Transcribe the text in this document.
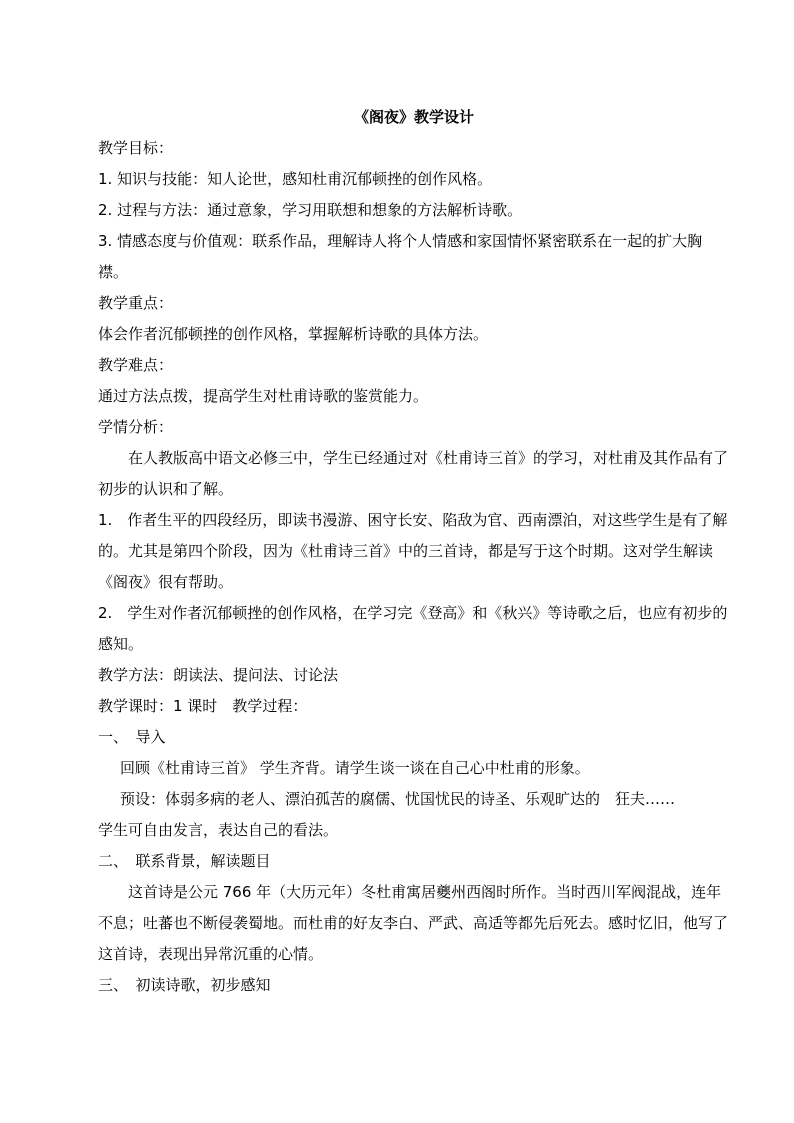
《阁夜》教学设计

教学目标：

1. 知识与技能：知人论世，感知杜甫沉郁顿挫的创作风格。

2. 过程与方法：通过意象，学习用联想和想象的方法解析诗歌。

3. 情感态度与价值观：联系作品，理解诗人将个人情感和家国情怀紧密联系在一起的扩大胸襟。

教学重点：

体会作者沉郁顿挫的创作风格，掌握解析诗歌的具体方法。

教学难点：

通过方法点拨，提高学生对杜甫诗歌的鉴赏能力。

学情分析：

在人教版高中语文必修三中，学生已经通过对《杜甫诗三首》的学习，对杜甫及其作品有了初步的认识和了解。

1.　作者生平的四段经历，即读书漫游、困守长安、陷敌为官、西南漂泊，对这些学生是有了解的。尤其是第四个阶段，因为《杜甫诗三首》中的三首诗，都是写于这个时期。这对学生解读《阁夜》很有帮助。

2.　学生对作者沉郁顿挫的创作风格，在学习完《登高》和《秋兴》等诗歌之后，也应有初步的感知。

教学方法：朗读法、提问法、讨论法

教学课时：1 课时　教学过程：

一、　导入

回顾《杜甫诗三首》 学生齐背。请学生谈一谈在自己心中杜甫的形象。

预设：体弱多病的老人、漂泊孤苦的腐儒、忧国忧民的诗圣、乐观旷达的　狂夫……

学生可自由发言，表达自己的看法。

二、　联系背景，解读题目

这首诗是公元 766 年（大历元年）冬杜甫寓居夔州西阁时所作。当时西川军阀混战，连年不息；吐蕃也不断侵袭蜀地。而杜甫的好友李白、严武、高适等都先后死去。感时忆旧，他写了这首诗，表现出异常沉重的心情。

三、　初读诗歌，初步感知
